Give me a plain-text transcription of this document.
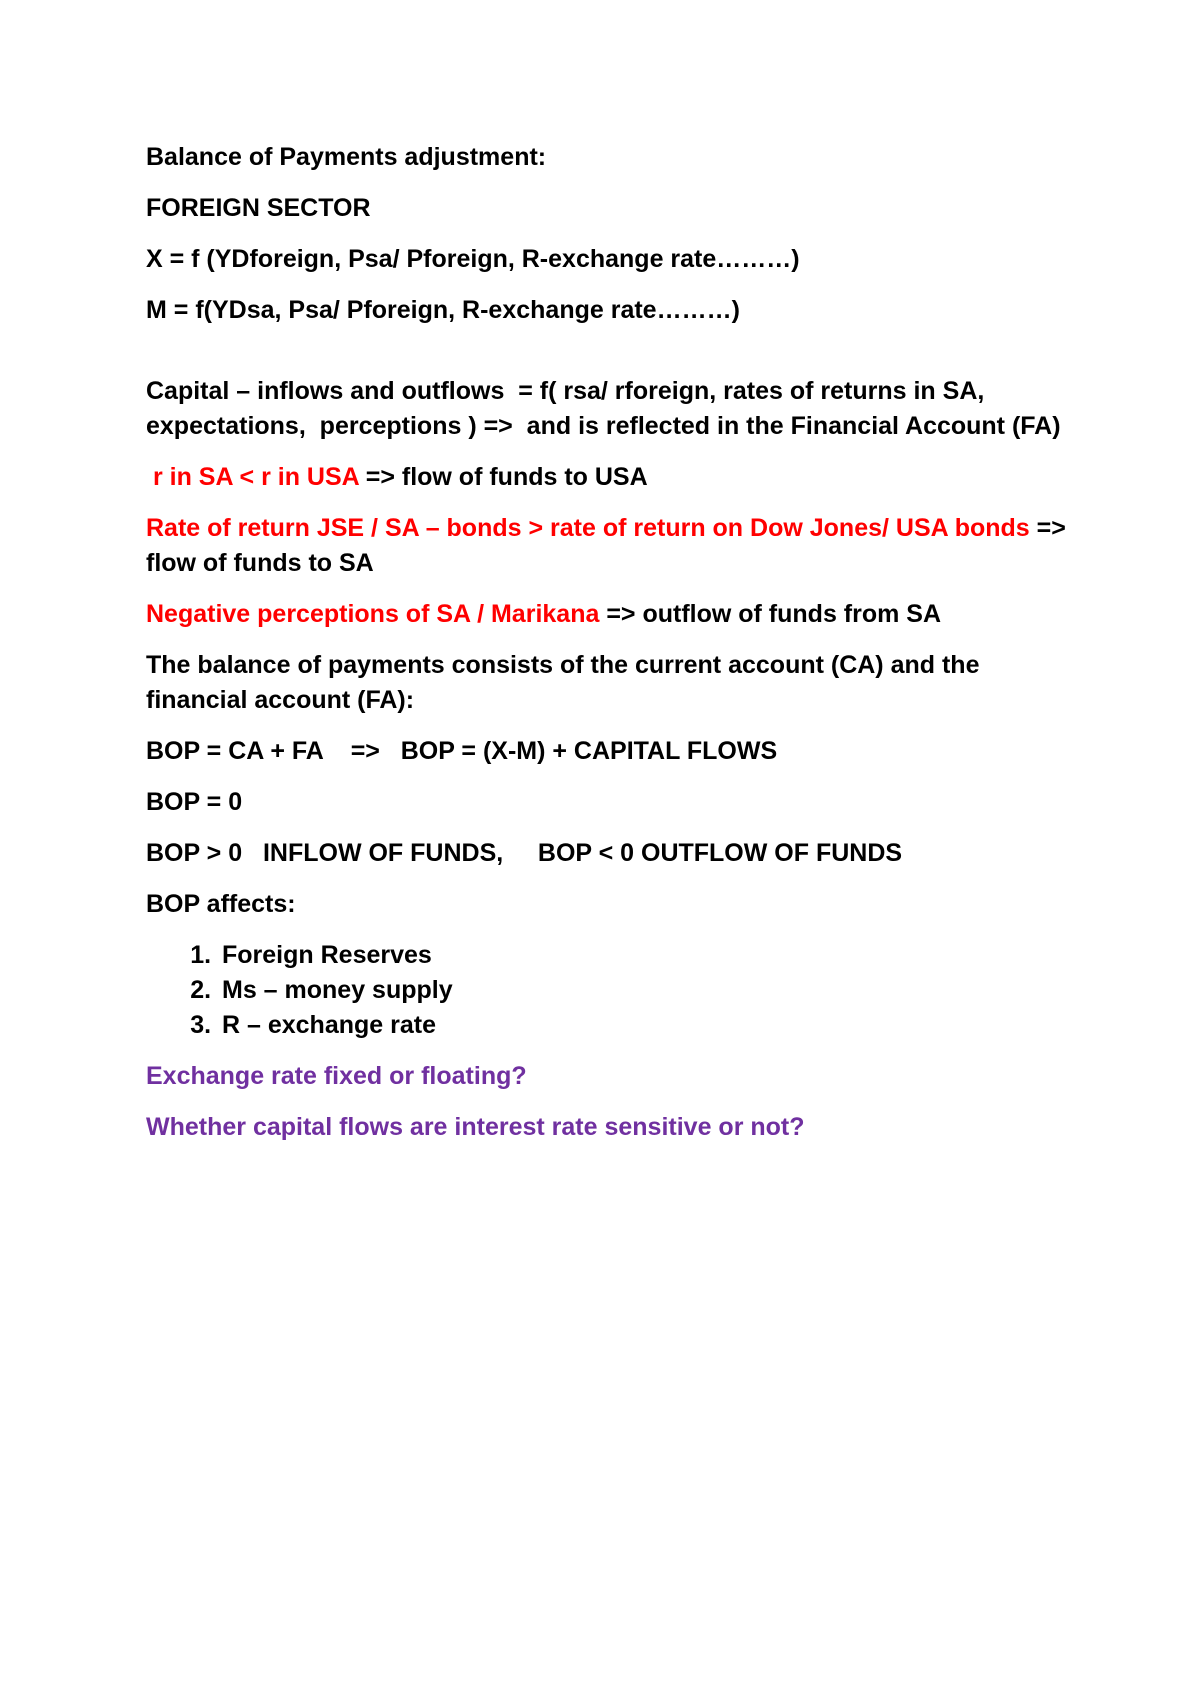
Balance of Payments adjustment:

FOREIGN SECTOR

X = f (YDforeign, Psa/ Pforeign, R-exchange rate………)

M = f(YDsa, Psa/ Pforeign, R-exchange rate………)

Capital – inflows and outflows  = f( rsa/ rforeign, rates of returns in SA, expectations,  perceptions ) =>  and is reflected in the Financial Account (FA)

r in SA < r in USA => flow of funds to USA

Rate of return JSE / SA – bonds > rate of return on Dow Jones/ USA bonds => flow of funds to SA

Negative perceptions of SA / Marikana => outflow of funds from SA

The balance of payments consists of the current account (CA) and the financial account (FA):

BOP = CA + FA    =>   BOP = (X-M) + CAPITAL FLOWS

BOP = 0

BOP > 0   INFLOW OF FUNDS,     BOP < 0 OUTFLOW OF FUNDS

BOP affects:

1. Foreign Reserves
2. Ms – money supply
3. R – exchange rate

Exchange rate fixed or floating?

Whether capital flows are interest rate sensitive or not?
